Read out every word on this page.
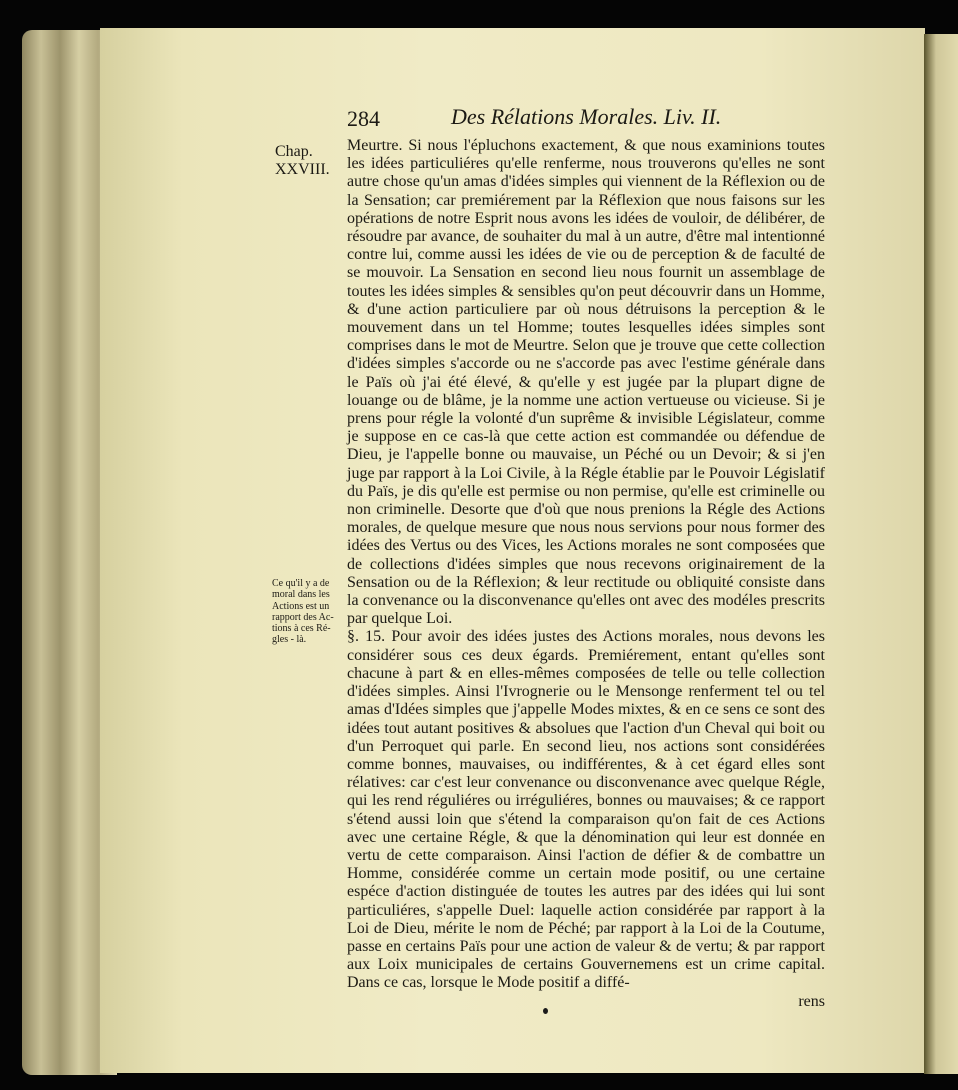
284	Des Rélations Morales. Liv. II.
Chap.
XXVIII.
Ce qu'il y a de
moral dans les
Actions est un
rapport des Ac-
tions à ces Ré-
gles - là.

Meurtre. Si nous l'épluchons exactement, & que nous examinions toutes les idées particuliéres qu'elle renferme, nous trouverons qu'elles ne sont autre chose qu'un amas d'idées simples qui viennent de la Réflexion ou de la Sensation; car premiérement par la Réflexion que nous faisons sur les opérations de notre Esprit nous avons les idées de vouloir, de délibérer, de résoudre par avance, de souhaiter du mal à un autre, d'être mal intentionné contre lui, comme aussi les idées de vie ou de perception & de faculté de se mouvoir. La Sensation en second lieu nous fournit un assemblage de toutes les idées simples & sensibles qu'on peut découvrir dans un Homme, & d'une action particuliere par où nous détruisons la perception & le mouvement dans un tel Homme; toutes lesquelles idées simples sont comprises dans le mot de Meurtre. Selon que je trouve que cette collection d'idées simples s'accorde ou ne s'accorde pas avec l'estime générale dans le Païs où j'ai été élevé, & qu'elle y est jugée par la plupart digne de louange ou de blâme, je la nomme une action vertueuse ou vicieuse. Si je prens pour régle la volonté d'un suprême & invisible Législateur, comme je suppose en ce cas-là que cette action est commandée ou défendue de Dieu, je l'appelle bonne ou mauvaise, un Péché ou un Devoir; & si j'en juge par rapport à la Loi Civile, à la Régle établie par le Pouvoir Législatif du Païs, je dis qu'elle est permise ou non permise, qu'elle est criminelle ou non criminelle. Desorte que d'où que nous prenions la Régle des Actions morales, de quelque mesure que nous nous servions pour nous former des idées des Vertus ou des Vices, les Actions morales ne sont composées que de collections d'idées simples que nous recevons originairement de la Sensation ou de la Réflexion; & leur rectitude ou obliquité consiste dans la convenance ou la disconvenance qu'elles ont avec des modéles prescrits par quelque Loi.

§. 15. Pour avoir des idées justes des Actions morales, nous devons les considérer sous ces deux égards. Premiérement, entant qu'elles sont chacune à part & en elles-mêmes composées de telle ou telle collection d'idées simples. Ainsi l'Ivrognerie ou le Mensonge renferment tel ou tel amas d'Idées simples que j'appelle Modes mixtes, & en ce sens ce sont des idées tout autant positives & absolues que l'action d'un Cheval qui boit ou d'un Perroquet qui parle. En second lieu, nos actions sont considérées comme bonnes, mauvaises, ou indifférentes, & à cet égard elles sont rélatives: car c'est leur convenance ou disconvenance avec quelque Régle, qui les rend réguliéres ou irréguliéres, bonnes ou mauvaises; & ce rapport s'étend aussi loin que s'étend la comparaison qu'on fait de ces Actions avec une certaine Régle, & que la dénomination qui leur est donnée en vertu de cette comparaison. Ainsi l'action de défier & de combattre un Homme, considérée comme un certain mode positif, ou une certaine espéce d'action distinguée de toutes les autres par des idées qui lui sont particuliéres, s'appelle Duel: laquelle action considérée par rapport à la Loi de Dieu, mérite le nom de Péché; par rapport à la Loi de la Coutume, passe en certains Païs pour une action de valeur & de vertu; & par rapport aux Loix municipales de certains Gouvernemens est un crime capital. Dans ce cas, lorsque le Mode positif a diffé-

rens
